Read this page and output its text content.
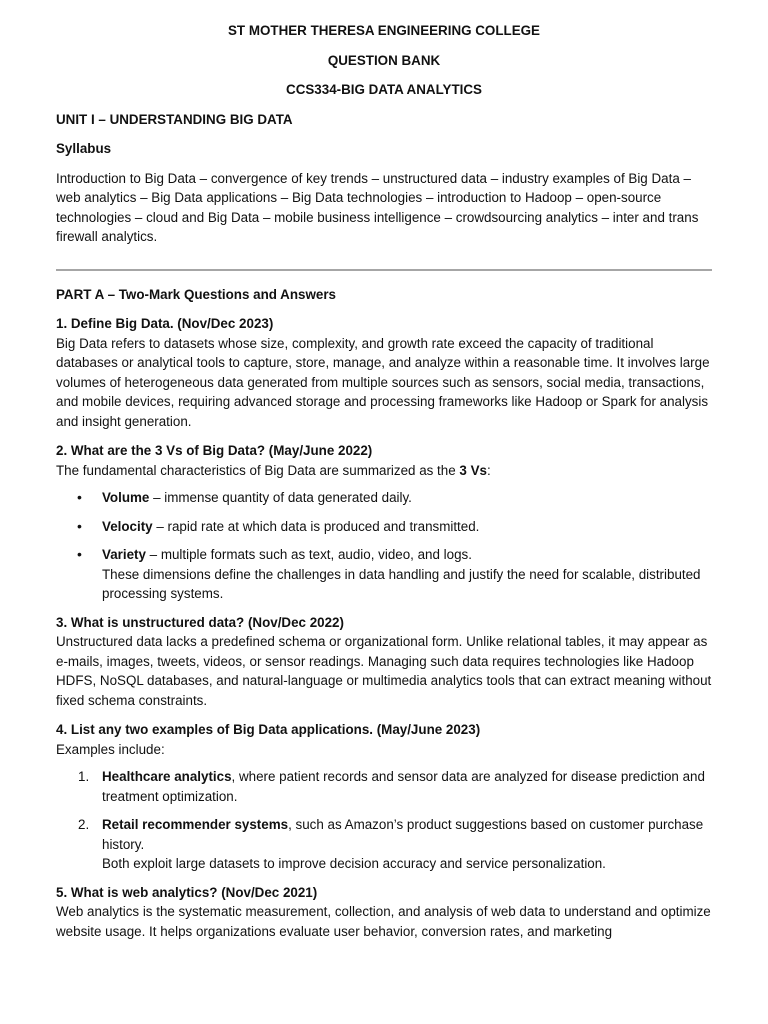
ST MOTHER THERESA ENGINEERING COLLEGE

QUESTION BANK

CCS334-BIG DATA ANALYTICS

UNIT I – UNDERSTANDING BIG DATA

Syllabus

Introduction to Big Data – convergence of key trends – unstructured data – industry examples of Big Data – web analytics – Big Data applications – Big Data technologies – introduction to Hadoop – open-source technologies – cloud and Big Data – mobile business intelligence – crowdsourcing analytics – inter and trans firewall analytics.

PART A – Two-Mark Questions and Answers

1. Define Big Data. (Nov/Dec 2023)

Big Data refers to datasets whose size, complexity, and growth rate exceed the capacity of traditional databases or analytical tools to capture, store, manage, and analyze within a reasonable time. It involves large volumes of heterogeneous data generated from multiple sources such as sensors, social media, transactions, and mobile devices, requiring advanced storage and processing frameworks like Hadoop or Spark for analysis and insight generation.

2. What are the 3 Vs of Big Data? (May/June 2022)

The fundamental characteristics of Big Data are summarized as the 3 Vs:

• Volume – immense quantity of data generated daily.
• Velocity – rapid rate at which data is produced and transmitted.
• Variety – multiple formats such as text, audio, video, and logs.
These dimensions define the challenges in data handling and justify the need for scalable, distributed processing systems.

3. What is unstructured data? (Nov/Dec 2022)

Unstructured data lacks a predefined schema or organizational form. Unlike relational tables, it may appear as e-mails, images, tweets, videos, or sensor readings. Managing such data requires technologies like Hadoop HDFS, NoSQL databases, and natural-language or multimedia analytics tools that can extract meaning without fixed schema constraints.

4. List any two examples of Big Data applications. (May/June 2023)

Examples include:

1. Healthcare analytics, where patient records and sensor data are analyzed for disease prediction and treatment optimization.
2. Retail recommender systems, such as Amazon’s product suggestions based on customer purchase history.
Both exploit large datasets to improve decision accuracy and service personalization.

5. What is web analytics? (Nov/Dec 2021)

Web analytics is the systematic measurement, collection, and analysis of web data to understand and optimize website usage. It helps organizations evaluate user behavior, conversion rates, and marketing
